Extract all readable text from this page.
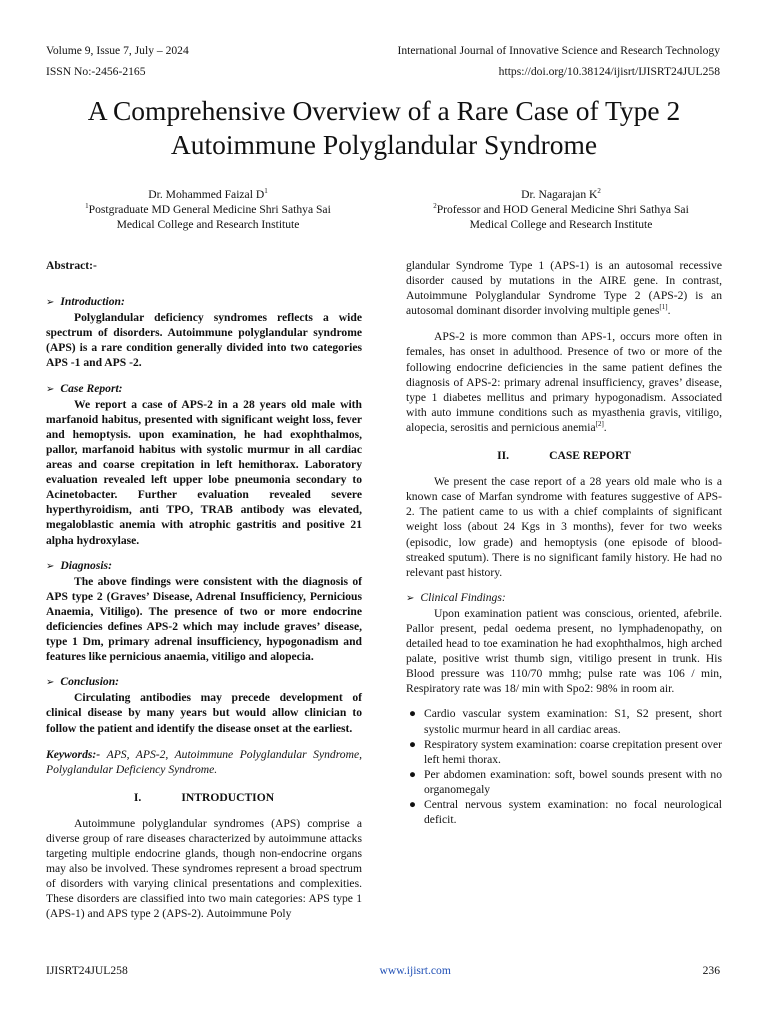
Volume 9, Issue 7, July – 2024	International Journal of Innovative Science and Research Technology
ISSN No:-2456-2165	https://doi.org/10.38124/ijisrt/IJISRT24JUL258
A Comprehensive Overview of a Rare Case of Type 2
Autoimmune Polyglandular Syndrome
Dr. Mohammed Faizal $D^1$
$^1$Postgraduate MD General Medicine Shri Sathya Sai
Medical College and Research Institute
Dr. Nagarajan $K^2$
$^2$Professor and HOD General Medicine Shri Sathya Sai
Medical College and Research Institute

Abstract:-

➢ Introduction:

Polyglandular deficiency syndromes reflects a wide spectrum of disorders. Autoimmune polyglandular syndrome (APS) is a rare condition generally divided into two categories APS -1 and APS -2.

➢ Case Report:

We report a case of APS-2 in a 28 years old male with marfanoid habitus, presented with significant weight loss, fever and hemoptysis. upon examination, he had exophthalmos, pallor, marfanoid habitus with systolic murmur in all cardiac areas and coarse crepitation in left hemithorax. Laboratory evaluation revealed left upper lobe pneumonia secondary to Acinetobacter. Further evaluation revealed severe hyperthyroidism, anti TPO, TRAB antibody was elevated, megaloblastic anemia with atrophic gastritis and positive 21 alpha hydroxylase.

➢ Diagnosis:

The above findings were consistent with the diagnosis of APS type 2 (Graves’ Disease, Adrenal Insufficiency, Pernicious Anaemia, Vitiligo). The presence of two or more endocrine deficiencies defines APS-2 which may include graves’ disease, type 1 Dm, primary adrenal insufficiency, hypogonadism and features like pernicious anaemia, vitiligo and alopecia.

➢ Conclusion:

Circulating antibodies may precede development of clinical disease by many years but would allow clinician to follow the patient and identify the disease onset at the earliest.

Keywords:- APS, APS-2, Autoimmune Polyglandular Syndrome, Polyglandular Deficiency Syndrome.

I.	INTRODUCTION

Autoimmune polyglandular syndromes (APS) comprise a diverse group of rare diseases characterized by autoimmune attacks targeting multiple endocrine glands, though non-endocrine organs may also be involved. These syndromes represent a broad spectrum of disorders with varying clinical presentations and complexities. These disorders are classified into two main categories: APS type 1 (APS-1) and APS type 2 (APS-2). Autoimmune Poly

glandular Syndrome Type 1 (APS-1) is an autosomal recessive disorder caused by mutations in the AIRE gene. In contrast, Autoimmune Polyglandular Syndrome Type 2 (APS-2) is an autosomal dominant disorder involving multiple genes[1].

APS-2 is more common than APS-1, occurs more often in females, has onset in adulthood. Presence of two or more of the following endocrine deficiencies in the same patient defines the diagnosis of APS-2: primary adrenal insufficiency, graves’ disease, type 1 diabetes mellitus and primary hypogonadism. Associated with auto immune conditions such as myasthenia gravis, vitiligo, alopecia, serositis and pernicious anemia[2].

II.	CASE REPORT

We present the case report of a 28 years old male who is a known case of Marfan syndrome with features suggestive of APS-2. The patient came to us with a chief complaints of significant weight loss (about 24 Kgs in 3 months), fever for two weeks (episodic, low grade) and hemoptysis (one episode of blood-streaked sputum). There is no significant family history. He had no relevant past history.

➢ Clinical Findings:

Upon examination patient was conscious, oriented, afebrile. Pallor present, pedal oedema present, no lymphadenopathy, on detailed head to toe examination he had exophthalmos, high arched palate, positive wrist thumb sign, vitiligo present in trunk. His Blood pressure was 110/70 mmhg; pulse rate was 106 / min, Respiratory rate was 18/ min with Spo2: 98% in room air.

● Cardio vascular system examination: S1, S2 present, short systolic murmur heard in all cardiac areas.
● Respiratory system examination: coarse crepitation present over left hemi thorax.
● Per abdomen examination: soft, bowel sounds present with no organomegaly
● Central nervous system examination: no focal neurological deficit.
IJISRT24JUL258	www.ijisrt.com	236
